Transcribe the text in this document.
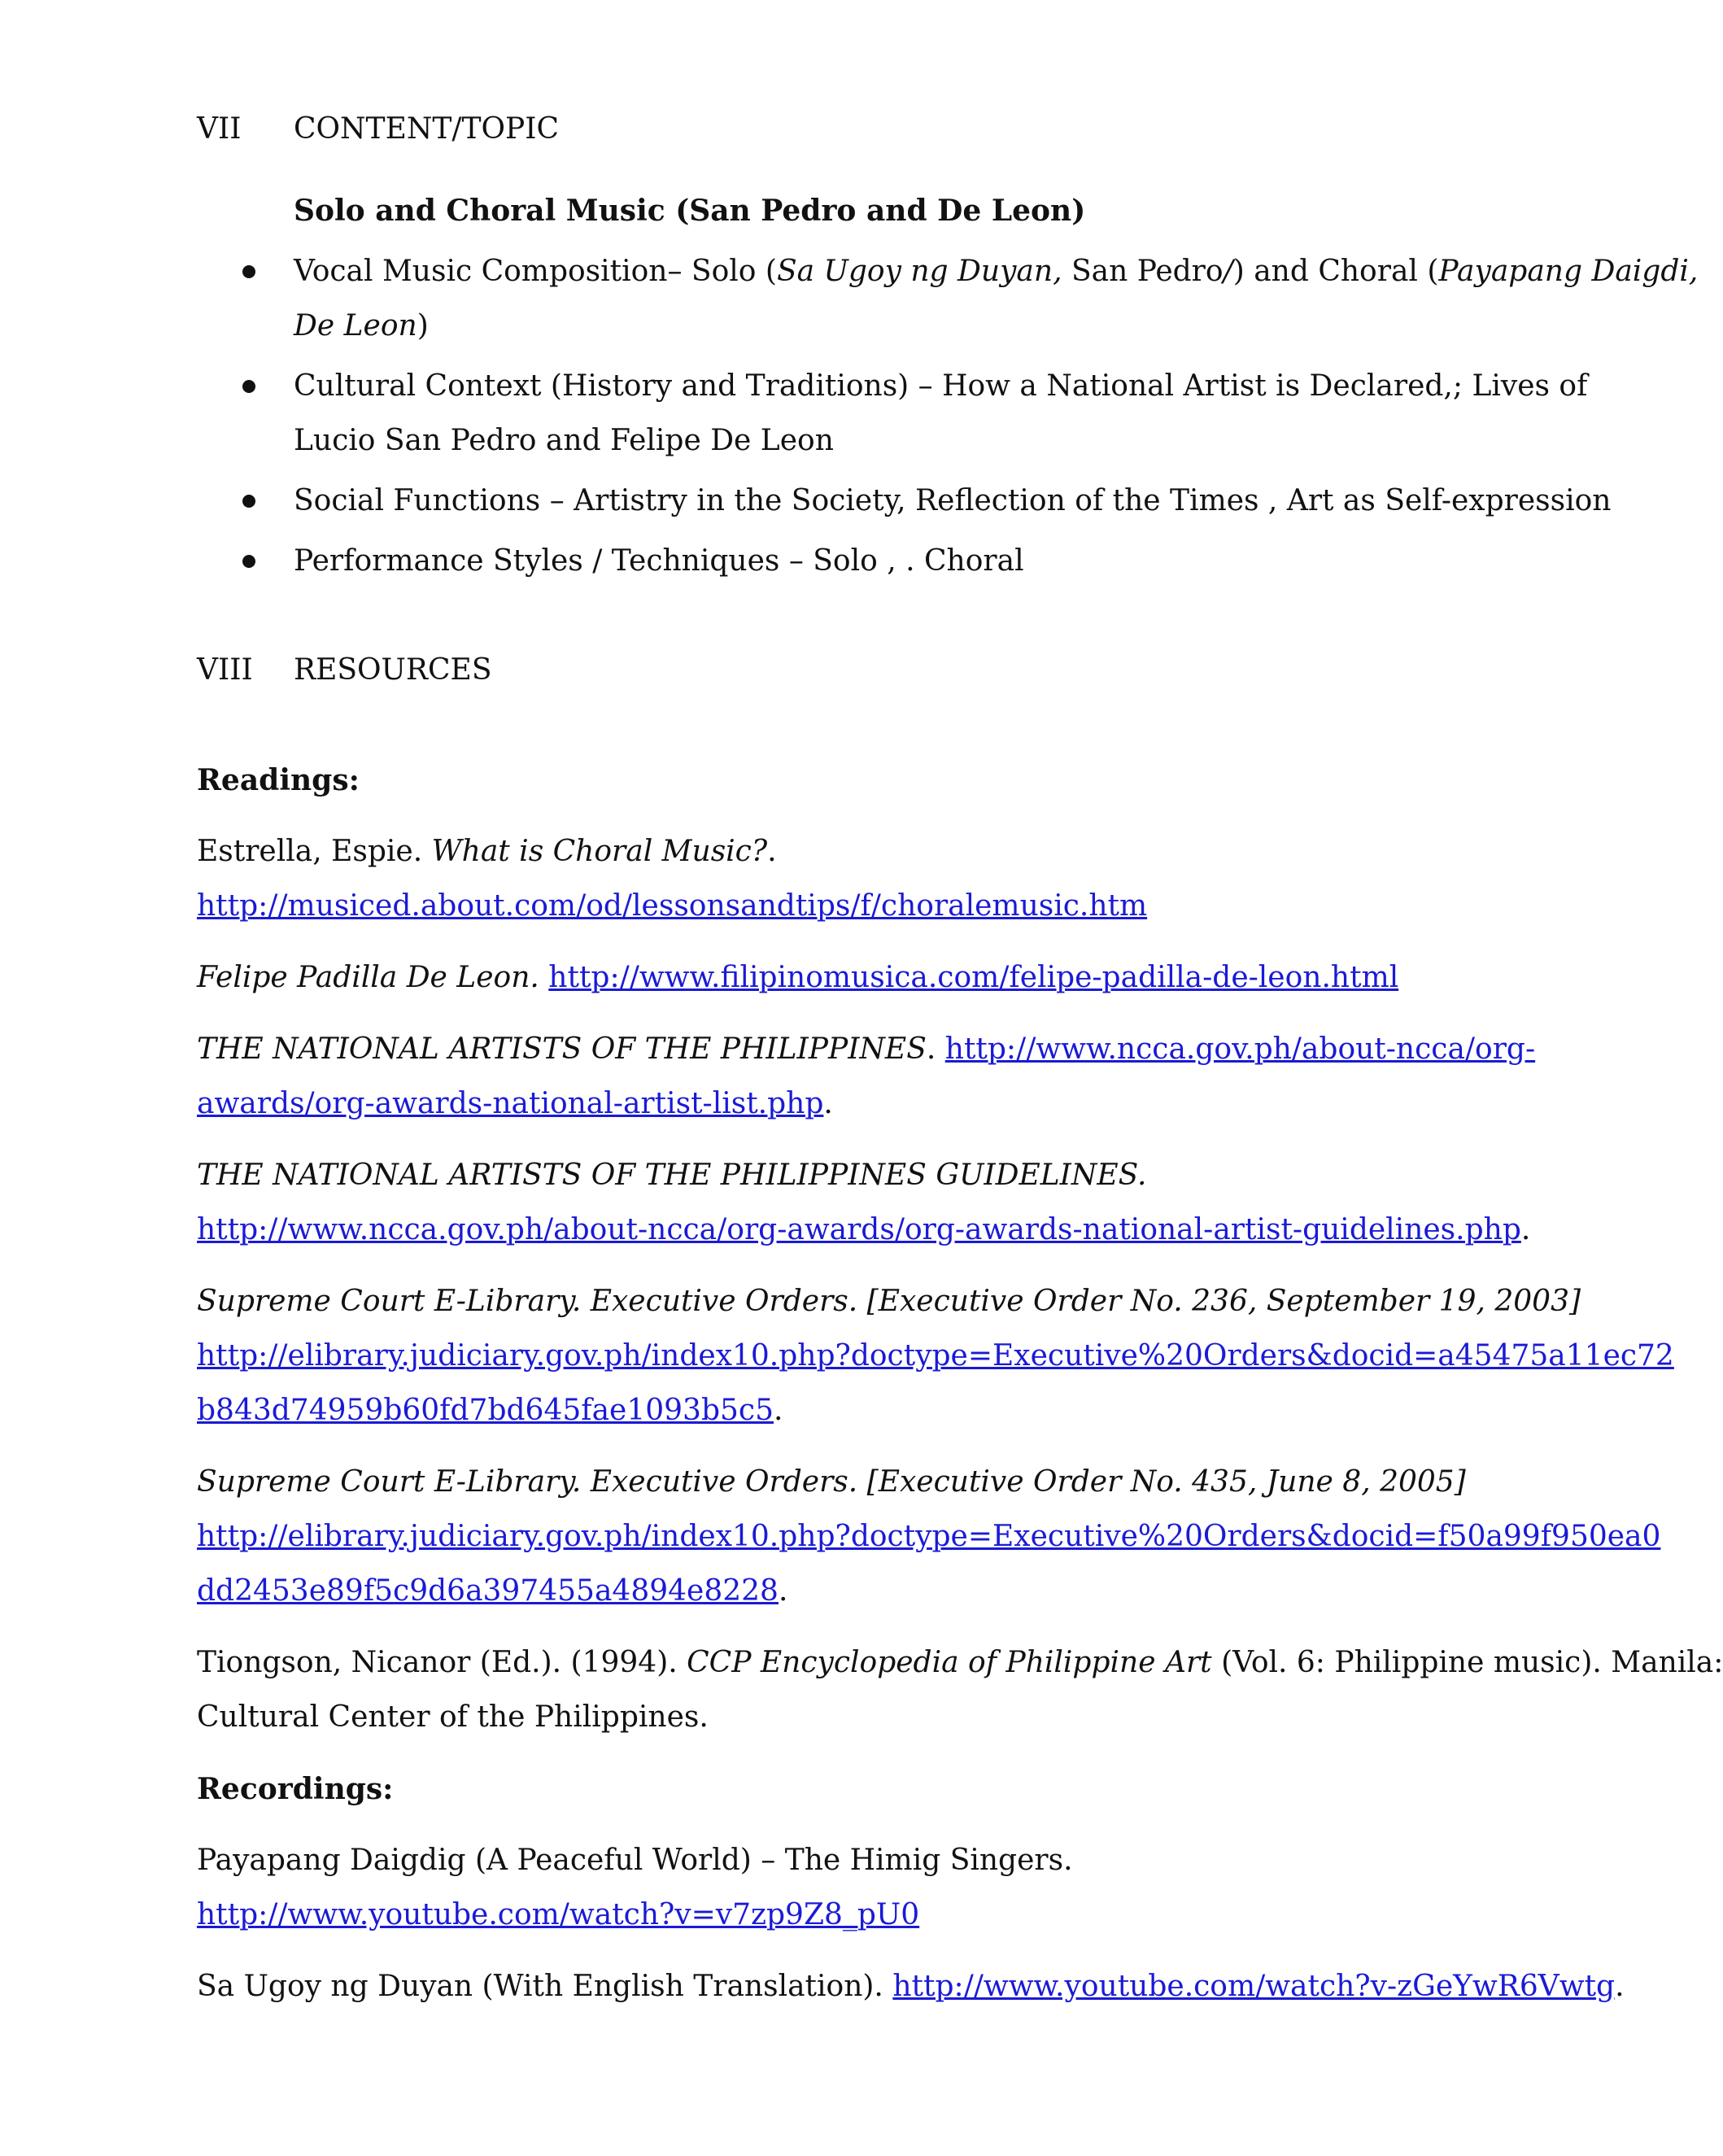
VII CONTENT/TOPIC
Solo and Choral Music (San Pedro and De Leon)
Vocal Music Composition– Solo (Sa Ugoy ng Duyan, San Pedro/) and Choral (Payapang Daigdi,
De Leon)
Cultural Context (History and Traditions) – How a National Artist is Declared,; Lives of
Lucio San Pedro and Felipe De Leon
Social Functions – Artistry in the Society, Reflection of the Times , Art as Self-expression
Performance Styles / Techniques – Solo , . Choral
VIII RESOURCES
Readings:
Estrella, Espie. What is Choral Music?.
http://musiced.about.com/od/lessonsandtips/f/choralemusic.htm
Felipe Padilla De Leon. http://www.filipinomusica.com/felipe-padilla-de-leon.html
THE NATIONAL ARTISTS OF THE PHILIPPINES. http://www.ncca.gov.ph/about-ncca/org-
awards/org-awards-national-artist-list.php.
THE NATIONAL ARTISTS OF THE PHILIPPINES GUIDELINES.
http://www.ncca.gov.ph/about-ncca/org-awards/org-awards-national-artist-guidelines.php.
Supreme Court E-Library. Executive Orders. [Executive Order No. 236, September 19, 2003]
http://elibrary.judiciary.gov.ph/index10.php?doctype=Executive%20Orders&docid=a45475a11ec72
b843d74959b60fd7bd645fae1093b5c5.
Supreme Court E-Library. Executive Orders. [Executive Order No. 435, June 8, 2005]
http://elibrary.judiciary.gov.ph/index10.php?doctype=Executive%20Orders&docid=f50a99f950ea0
dd2453e89f5c9d6a397455a4894e8228.
Tiongson, Nicanor (Ed.). (1994). CCP Encyclopedia of Philippine Art (Vol. 6: Philippine music). Manila:
Cultural Center of the Philippines.
Recordings:
Payapang Daigdig (A Peaceful World) – The Himig Singers.
http://www.youtube.com/watch?v=v7zp9Z8_pU0
Sa Ugoy ng Duyan (With English Translation). http://www.youtube.com/watch?v-zGeYwR6Vwtg.
